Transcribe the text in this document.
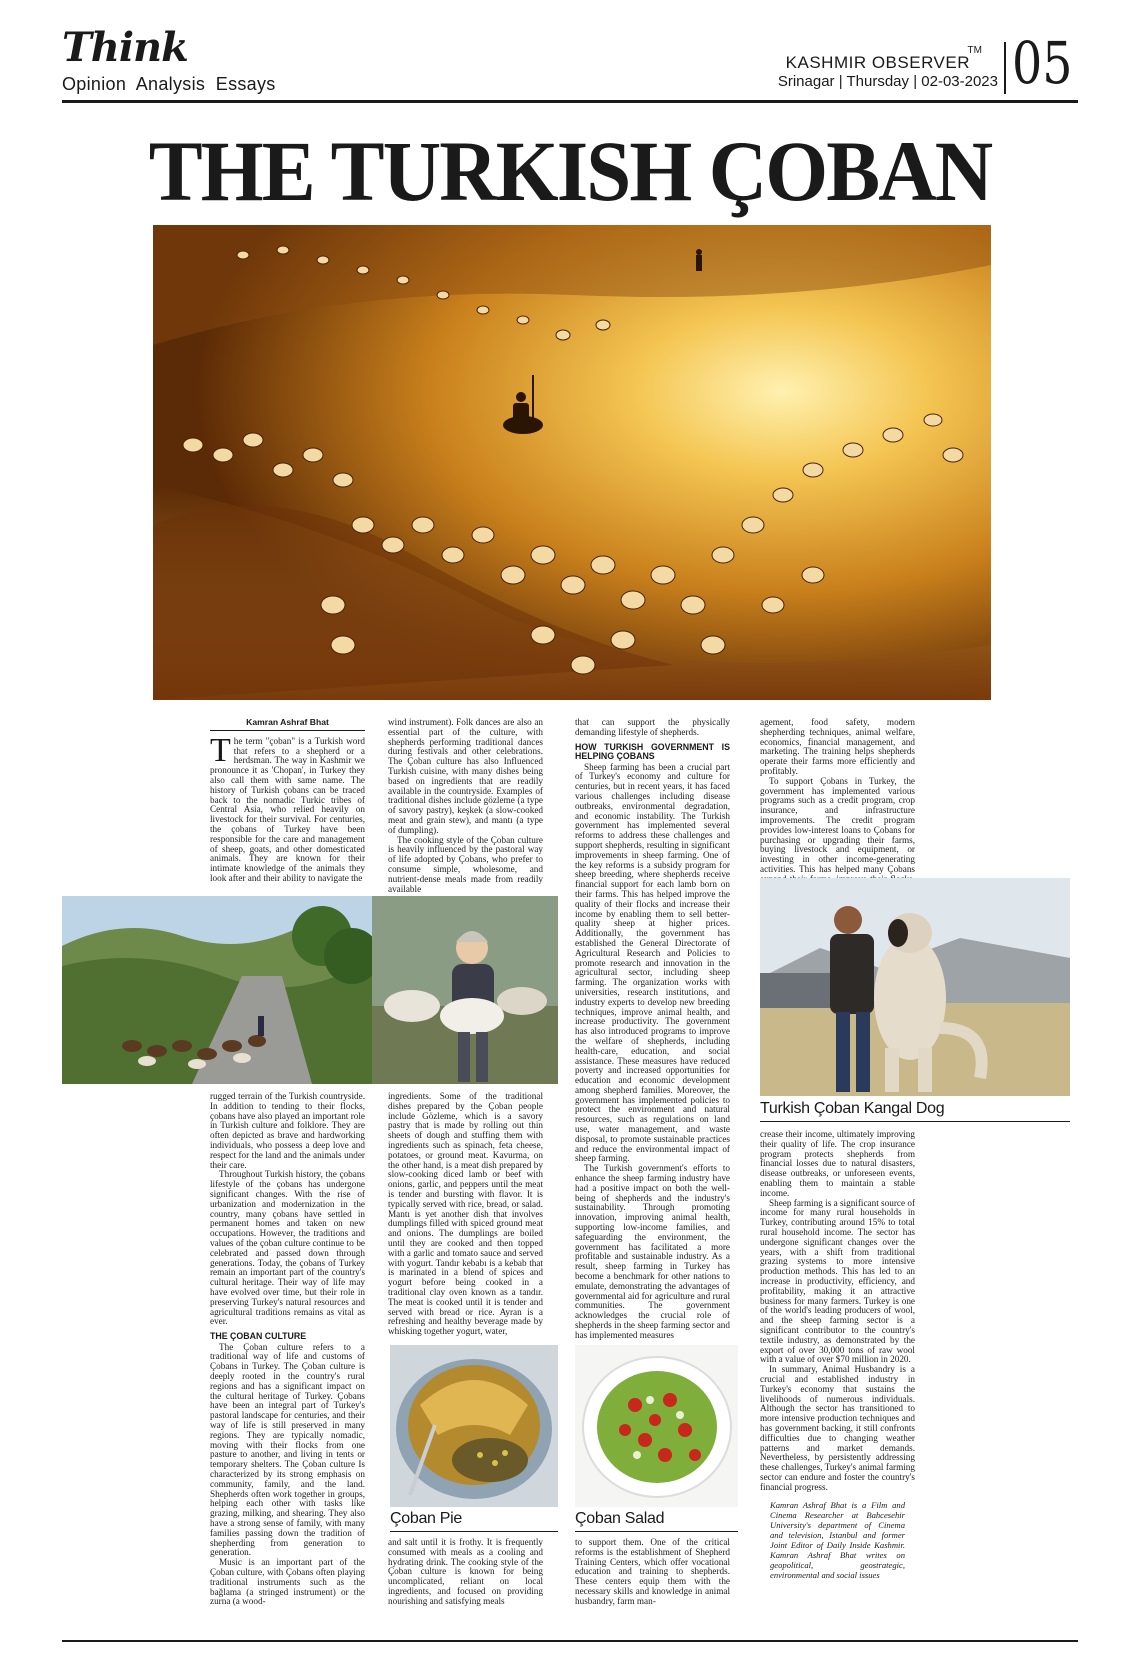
Think
Opinion  Analysis  Essays
KASHMIR OBSERVER
TM
Srinagar | Thursday | 02-03-2023 05
THE TURKISH ÇOBAN
Kamran Ashraf Bhat

The term "çoban" is a Turkish word that refers to a shepherd or a herdsman. The way in Kashmir we pronounce it as 'Chopan', in Turkey they also call them with same name. The history of Turkish çobans can be traced back to the nomadic Turkic tribes of Central Asia, who relied heavily on livestock for their survival. For centuries, the çobans of Turkey have been responsible for the care and management of sheep, goats, and other domesticated animals. They are known for their intimate knowledge of the animals they look after and their ability to navigate the

wind instrument). Folk dances are also an essential part of the culture, with shepherds performing traditional dances during festivals and other celebrations. The Çoban culture has also Influenced Turkish cuisine, with many dishes being based on ingredients that are readily available in the countryside. Examples of traditional dishes include gözleme (a type of savory pastry), keşkek (a slow-cooked meat and grain stew), and mantı (a type of dumpling).

The cooking style of the Çoban culture is heavily influenced by the pastoral way of life adopted by Çobans, who prefer to consume simple, wholesome, and nutrient-dense meals made from readily available

that can support the physically demanding lifestyle of shepherds.

HOW TURKISH GOVERNMENT IS HELPING ÇOBANS

Sheep farming has been a crucial part of Turkey's economy and culture for centuries, but in recent years, it has faced various challenges including disease outbreaks, environmental degradation, and economic instability. The Turkish government has implemented several reforms to address these challenges and support shepherds, resulting in significant improvements in sheep farming. One of the key reforms is a subsidy program for sheep breeding, where shepherds receive financial support for each lamb born on their farms. This has helped improve the quality of their flocks and increase their income by enabling them to sell better-quality sheep at higher prices. Additionally, the government has established the General Directorate of Agricultural Research and Policies to promote research and innovation in the agricultural sector, including sheep farming. The organization works with universities, research institutions, and industry experts to develop new breeding techniques, improve animal health, and increase productivity. The government has also introduced programs to improve the welfare of shepherds, including health-care, education, and social assistance. These measures have reduced poverty and increased opportunities for education and economic development among shepherd families. Moreover, the government has implemented policies to protect the environment and natural resources, such as regulations on land use, water management, and waste disposal, to promote sustainable practices and reduce the environmental impact of sheep farming.

The Turkish government's efforts to enhance the sheep farming industry have had a positive impact on both the well-being of shepherds and the industry's sustainability. Through promoting innovation, improving animal health, supporting low-income families, and safeguarding the environment, the government has facilitated a more profitable and sustainable industry. As a result, sheep farming in Turkey has become a benchmark for other nations to emulate, demonstrating the advantages of governmental aid for agriculture and rural communities. The government acknowledges the crucial role of shepherds in the sheep farming sector and has implemented measures

agement, food safety, modern shepherding techniques, animal welfare, economics, financial management, and marketing. The training helps shepherds operate their farms more efficiently and profitably.

To support Çobans in Turkey, the government has implemented various programs such as a credit program, crop insurance, and infrastructure improvements. The credit program provides low-interest loans to Çobans for purchasing or upgrading their farms, buying livestock and equipment, or investing in other income-generating activities. This has helped many Çobans

Turkish Çoban Kangal Dog

rugged terrain of the Turkish countryside. In addition to tending to their flocks, çobans have also played an important role in Turkish culture and folklore. They are often depicted as brave and hardworking individuals, who possess a deep love and respect for the land and the animals under their care.

Throughout Turkish history, the çobans lifestyle of the çobans has undergone significant changes. With the rise of urbanization and modernization in the country, many çobans have settled in permanent homes and taken on new occupations. However, the traditions and values of the çoban culture continue to be celebrated and passed down through generations. Today, the çobans of Turkey remain an important part of the country's cultural heritage. Their way of life may have evolved over time, but their role in preserving Turkey's natural resources and agricultural traditions remains as vital as ever.

THE ÇOBAN CULTURE

The Çoban culture refers to a traditional way of life and customs of Çobans in Turkey. The Çoban culture is deeply rooted in the country's rural regions and has a significant impact on the cultural heritage of Turkey. Çobans have been an integral part of Turkey's pastoral landscape for centuries, and their way of life is still preserved in many regions. They are typically nomadic, moving with their flocks from one pasture to another, and living in tents or temporary shelters. The Çoban culture Is characterized by its strong emphasis on community, family, and the land. Shepherds often work together in groups, helping each other with tasks like grazing, milking, and shearing. They also have a strong sense of family, with many families passing down the tradition of shepherding from generation to generation.

Music is an important part of the Çoban culture, with Çobans often playing traditional instruments such as the bağlama (a stringed instrument) or the zurna (a wood-

ingredients. Some of the traditional dishes prepared by the Çoban people include Gözleme, which is a savory pastry that is made by rolling out thin sheets of dough and stuffing them with ingredients such as spinach, feta cheese, potatoes, or ground meat. Kavurma, on the other hand, is a meat dish prepared by slow-cooking diced lamb or beef with onions, garlic, and peppers until the meat is tender and bursting with flavor. It is typically served with rice, bread, or salad. Mantı is yet another dish that involves dumplings filled with spiced ground meat and onions. The dumplings are boiled until they are cooked and then topped with a garlic and tomato sauce and served with yogurt. Tandır kebabı is a kebab that is marinated in a blend of spices and yogurt before being cooked in a traditional clay oven known as a tandır. The meat is cooked until it is tender and served with bread or rice. Ayran is a refreshing and healthy beverage made by whisking together yogurt, water,

Çoban Pie	Çoban Salad

and salt until it is frothy. It is frequently consumed with meals as a cooling and hydrating drink. The cooking style of the Çoban culture is known for being uncomplicated, reliant on local ingredients, and focused on providing nourishing and satisfying meals

to support them. One of the critical reforms is the establishment of Shepherd Training Centers, which offer vocational education and training to shepherds. These centers equip them with the necessary skills and knowledge in animal husbandry, farm man-

crease their income, ultimately improving their quality of life. The crop insurance program protects shepherds from financial losses due to natural disasters, disease outbreaks, or unforeseen events, enabling them to maintain a stable income.

Sheep farming is a significant source of income for many rural households in Turkey, contributing around 15% to total rural household income. The sector has undergone significant changes over the years, with a shift from traditional grazing systems to more intensive production methods. This has led to an increase in productivity, efficiency, and profitability, making it an attractive business for many farmers. Turkey is one of the world's leading producers of wool, and the sheep farming sector is a significant contributor to the country's textile industry, as demonstrated by the export of over 30,000 tons of raw wool with a value of over $70 million in 2020.

In summary, Animal Husbandry is a crucial and established industry in Turkey's economy that sustains the livelihoods of numerous individuals. Although the sector has transitioned to more intensive production techniques and has government backing, it still confronts difficulties due to changing weather patterns and market demands. Nevertheless, by persistently addressing these challenges, Turkey's animal farming sector can endure and foster the country's financial progress.

Kamran Ashraf Bhat is a Film and Cinema Researcher at Bahcesehir University's department of Cinema and television, Istanbul and former Joint Editor of Daily Inside Kashmir. Kamran Ashraf Bhat writes on geopolitical, geostrategic, environmental and social issues
